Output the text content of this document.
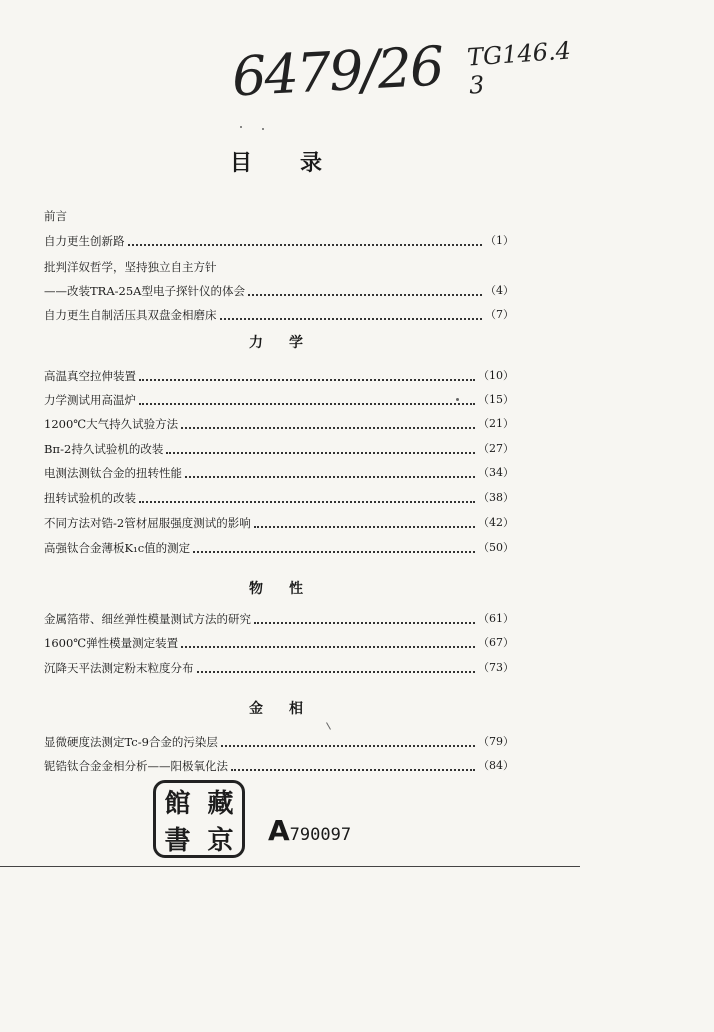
6479/26 TG146.4
3
目录
前言
自力更生创新路	（1）
批判洋奴哲学，坚持独立自主方针
——改装TRA-25A型电子探针仪的体会	（4）
自力更生自制活压具双盘金相磨床	（7）
力学
高温真空拉伸装置	（10）
力学测试用高温炉	（15）
1200℃大气持久试验方法	（21）
Bп-2持久试验机的改装	（27）
电测法测钛合金的扭转性能	（34）
扭转试验机的改装	（38）
不同方法对锆-2管材屈服强度测试的影响	（42）
高强钛合金薄板K₁c值的测定	（50）
物性
金属箔带、细丝弹性模量测试方法的研究	（61）
1600℃弹性模量测定装置	（67）
沉降天平法测定粉末粒度分布	（73）
金相
显微硬度法测定Tc-9合金的污染层	（79）
铌锆钛合金金相分析——阳极氧化法	（84）
館 藏
書 京 A790097
